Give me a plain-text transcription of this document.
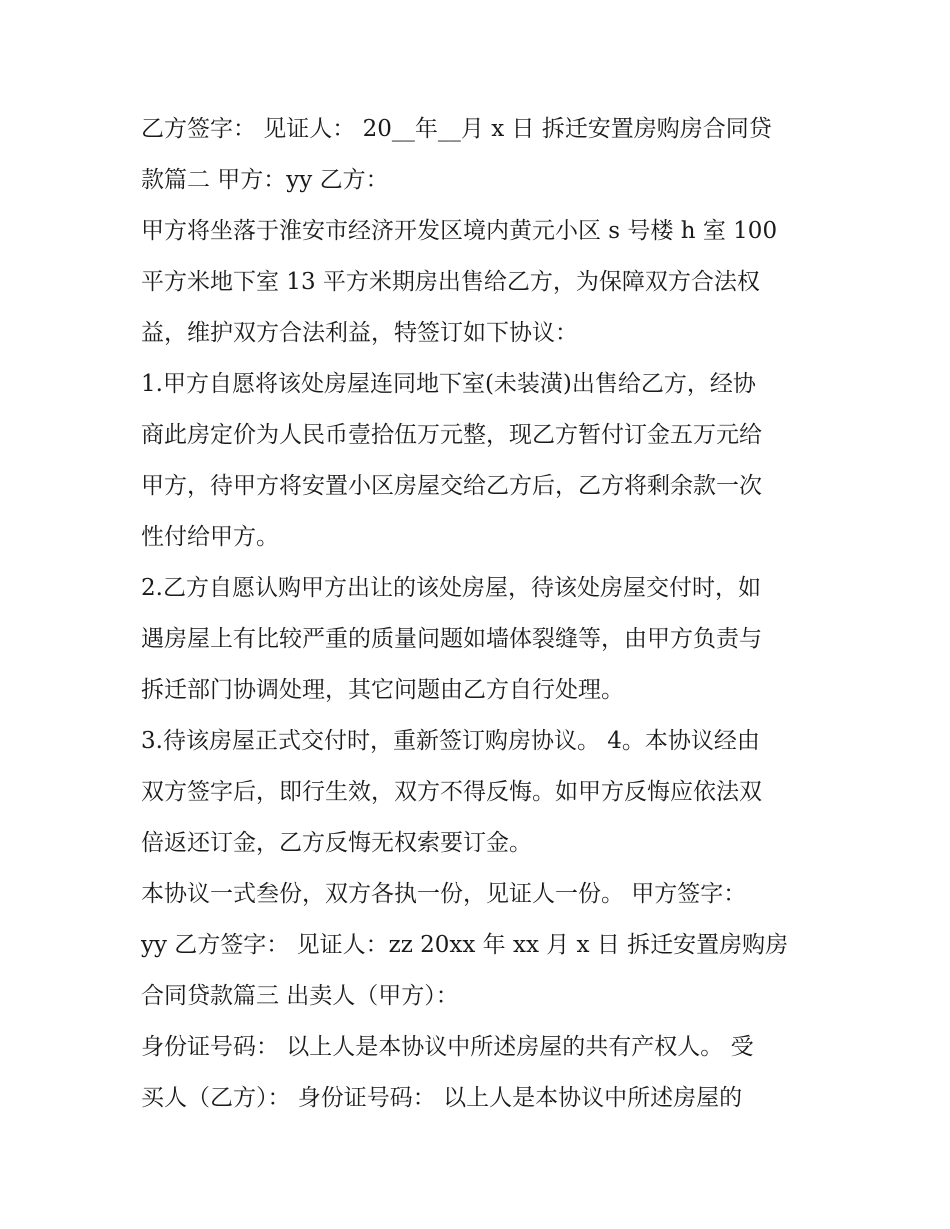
乙方签字： 见证人： 20__年__月 x 日 拆迁安置房购房合同贷
款篇二 甲方：yy 乙方：
甲方将坐落于淮安市经济开发区境内黄元小区 s 号楼 h 室 100
平方米地下室 13 平方米期房出售给乙方，为保障双方合法权
益，维护双方合法利益，特签订如下协议：
1.甲方自愿将该处房屋连同地下室(未装潢)出售给乙方，经协
商此房定价为人民币壹拾伍万元整，现乙方暂付订金五万元给
甲方，待甲方将安置小区房屋交给乙方后，乙方将剩余款一次
性付给甲方。
2.乙方自愿认购甲方出让的该处房屋，待该处房屋交付时，如
遇房屋上有比较严重的质量问题如墙体裂缝等，由甲方负责与
拆迁部门协调处理，其它问题由乙方自行处理。
3.待该房屋正式交付时，重新签订购房协议。 4。本协议经由
双方签字后，即行生效，双方不得反悔。如甲方反悔应依法双
倍返还订金，乙方反悔无权索要订金。
本协议一式叁份，双方各执一份，见证人一份。 甲方签字：
yy 乙方签字： 见证人：zz 20xx 年 xx 月 x 日 拆迁安置房购房
合同贷款篇三 出卖人（甲方）：
身份证号码： 以上人是本协议中所述房屋的共有产权人。 受
买人（乙方）： 身份证号码： 以上人是本协议中所述房屋的
